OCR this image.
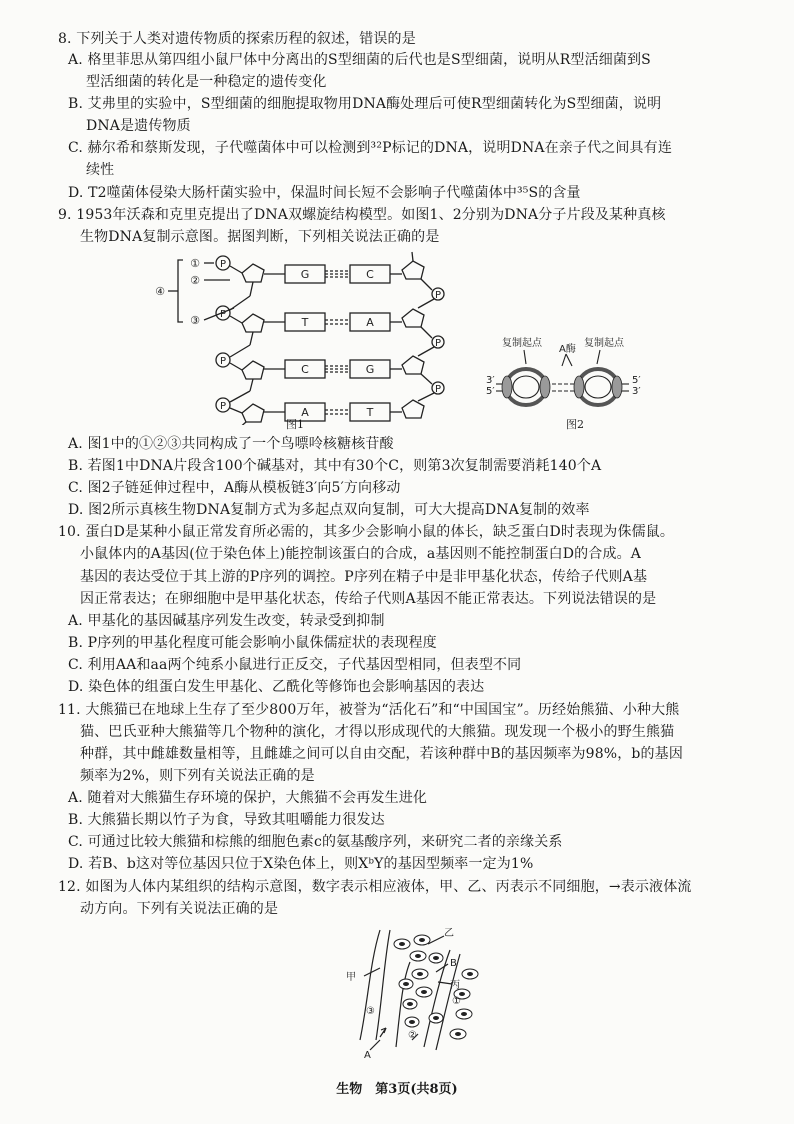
8. 下列关于人类对遗传物质的探索历程的叙述，错误的是
A. 格里菲思从第四组小鼠尸体中分离出的S型细菌的后代也是S型细菌，说明从R型活细菌到S
型活细菌的转化是一种稳定的遗传变化
B. 艾弗里的实验中，S型细菌的细胞提取物用DNA酶处理后可使R型细菌转化为S型细菌，说明
DNA是遗传物质
C. 赫尔希和蔡斯发现，子代噬菌体中可以检测到³²P标记的DNA，说明DNA在亲子代之间具有连
续性
D. T2噬菌体侵染大肠杆菌实验中，保温时间长短不会影响子代噬菌体中³⁵S的含量
9. 1953年沃森和克里克提出了DNA双螺旋结构模型。如图1、2分别为DNA分子片段及某种真核
生物DNA复制示意图。据图判断，下列相关说法正确的是
P
P
P
P
P
P
P
G	C
T	A
C	G
A	T
①
②
③
④
图1
复制起点
A酶
复制起点
3′
5′
5′
3′
图2
A. 图1中的①②③共同构成了一个鸟嘌呤核糖核苷酸
B. 若图1中DNA片段含100个碱基对，其中有30个C，则第3次复制需要消耗140个A
C. 图2子链延伸过程中，A酶从模板链3′向5′方向移动
D. 图2所示真核生物DNA复制方式为多起点双向复制，可大大提高DNA复制的效率
10. 蛋白D是某种小鼠正常发育所必需的，其多少会影响小鼠的体长，缺乏蛋白D时表现为侏儒鼠。
小鼠体内的A基因(位于染色体上)能控制该蛋白的合成，a基因则不能控制蛋白D的合成。A
基因的表达受位于其上游的P序列的调控。P序列在精子中是非甲基化状态，传给子代则A基
因正常表达；在卵细胞中是甲基化状态，传给子代则A基因不能正常表达。下列说法错误的是
A. 甲基化的基因碱基序列发生改变，转录受到抑制
B. P序列的甲基化程度可能会影响小鼠侏儒症状的表现程度
C. 利用AA和aa两个纯系小鼠进行正反交，子代基因型相同，但表型不同
D. 染色体的组蛋白发生甲基化、乙酰化等修饰也会影响基因的表达
11. 大熊猫已在地球上生存了至少800万年，被誉为“活化石”和“中国国宝”。历经始熊猫、小种大熊
猫、巴氏亚种大熊猫等几个物种的演化，才得以形成现代的大熊猫。现发现一个极小的野生熊猫
种群，其中雌雄数量相等，且雌雄之间可以自由交配，若该种群中B的基因频率为98%，b的基因
频率为2%，则下列有关说法正确的是
A. 随着对大熊猫生存环境的保护，大熊猫不会再发生进化
B. 大熊猫长期以竹子为食，导致其咀嚼能力很发达
C. 可通过比较大熊猫和棕熊的细胞色素c的氨基酸序列，来研究二者的亲缘关系
D. 若B、b这对等位基因只位于X染色体上，则XᵇY的基因型频率一定为1%
12. 如图为人体内某组织的结构示意图，数字表示相应液体，甲、乙、丙表示不同细胞，→表示液体流
动方向。下列有关说法正确的是
甲
乙
丙
A
B
①
②
③
生物　第3页(共8页)
